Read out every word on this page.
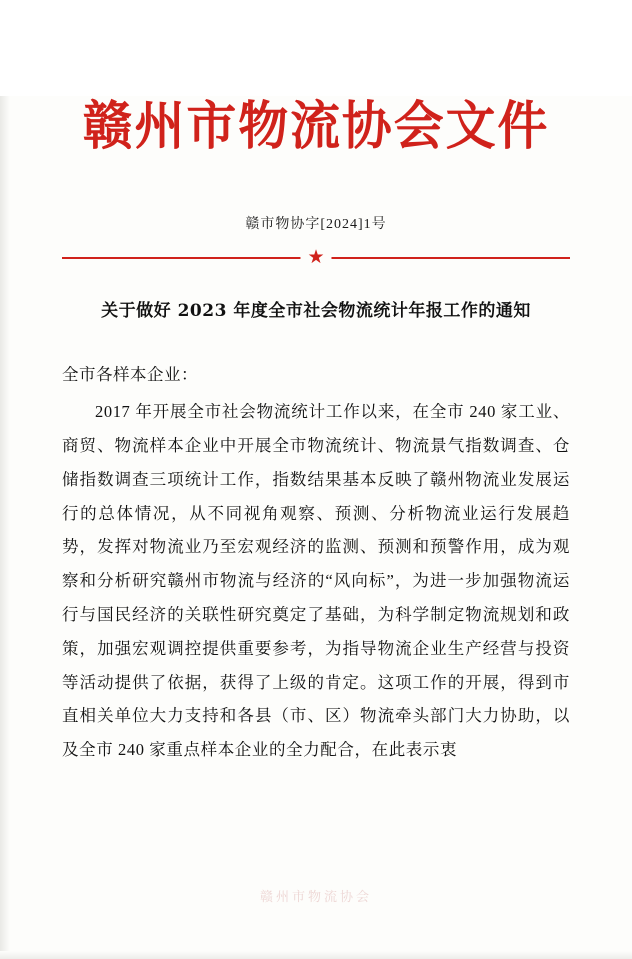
赣州市物流协会文件
赣市物协字[2024]1号
★
关于做好 2023 年度全市社会物流统计年报工作的通知
全市各样本企业：
2017 年开展全市社会物流统计工作以来，在全市 240 家工业、商贸、物流样本企业中开展全市物流统计、物流景气指数调查、仓储指数调查三项统计工作，指数结果基本反映了赣州物流业发展运行的总体情况，从不同视角观察、预测、分析物流业运行发展趋势，发挥对物流业乃至宏观经济的监测、预测和预警作用，成为观察和分析研究赣州市物流与经济的“风向标”，为进一步加强物流运行与国民经济的关联性研究奠定了基础，为科学制定物流规划和政策，加强宏观调控提供重要参考，为指导物流企业生产经营与投资等活动提供了依据，获得了上级的肯定。这项工作的开展，得到市直相关单位大力支持和各县（市、区）物流牵头部门大力协助，以及全市 240 家重点样本企业的全力配合，在此表示衷
赣州市物流协会
